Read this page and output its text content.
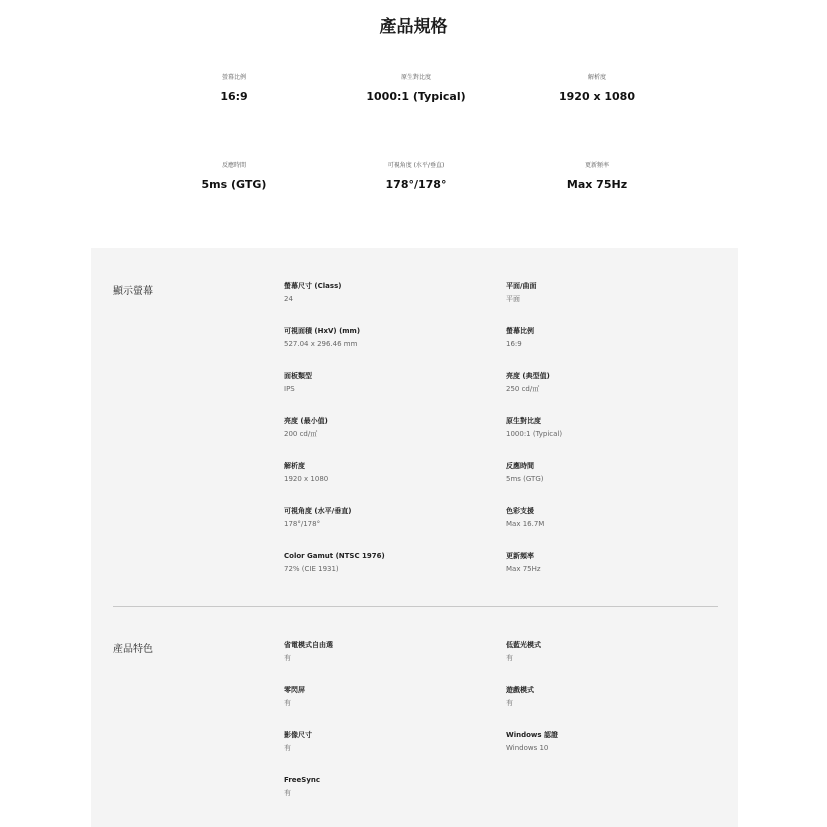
產品規格
螢幕比例
16:9
原生對比度
1000:1 (Typical)
解析度
1920 x 1080
反應時間
5ms (GTG)
可視角度 (水平/垂直)
178°/178°
更新頻率
Max 75Hz
顯示螢幕	螢幕尺寸 (Class)
24
平面/曲面
平面
可視面積 (HxV) (mm)
527.04 x 296.46 mm
螢幕比例
16:9
面板類型
IPS
亮度 (典型值)
250 cd/㎡
亮度 (最小值)
200 cd/㎡
原生對比度
1000:1 (Typical)
解析度
1920 x 1080
反應時間
5ms (GTG)
可視角度 (水平/垂直)
178°/178°
色彩支援
Max 16.7M
Color Gamut (NTSC 1976)
72% (CIE 1931)
更新頻率
Max 75Hz
產品特色	省電模式自由選
有
低藍光模式
有
零閃屏
有
遊戲模式
有
影像尺寸
有
Windows 認證
Windows 10
FreeSync
有
